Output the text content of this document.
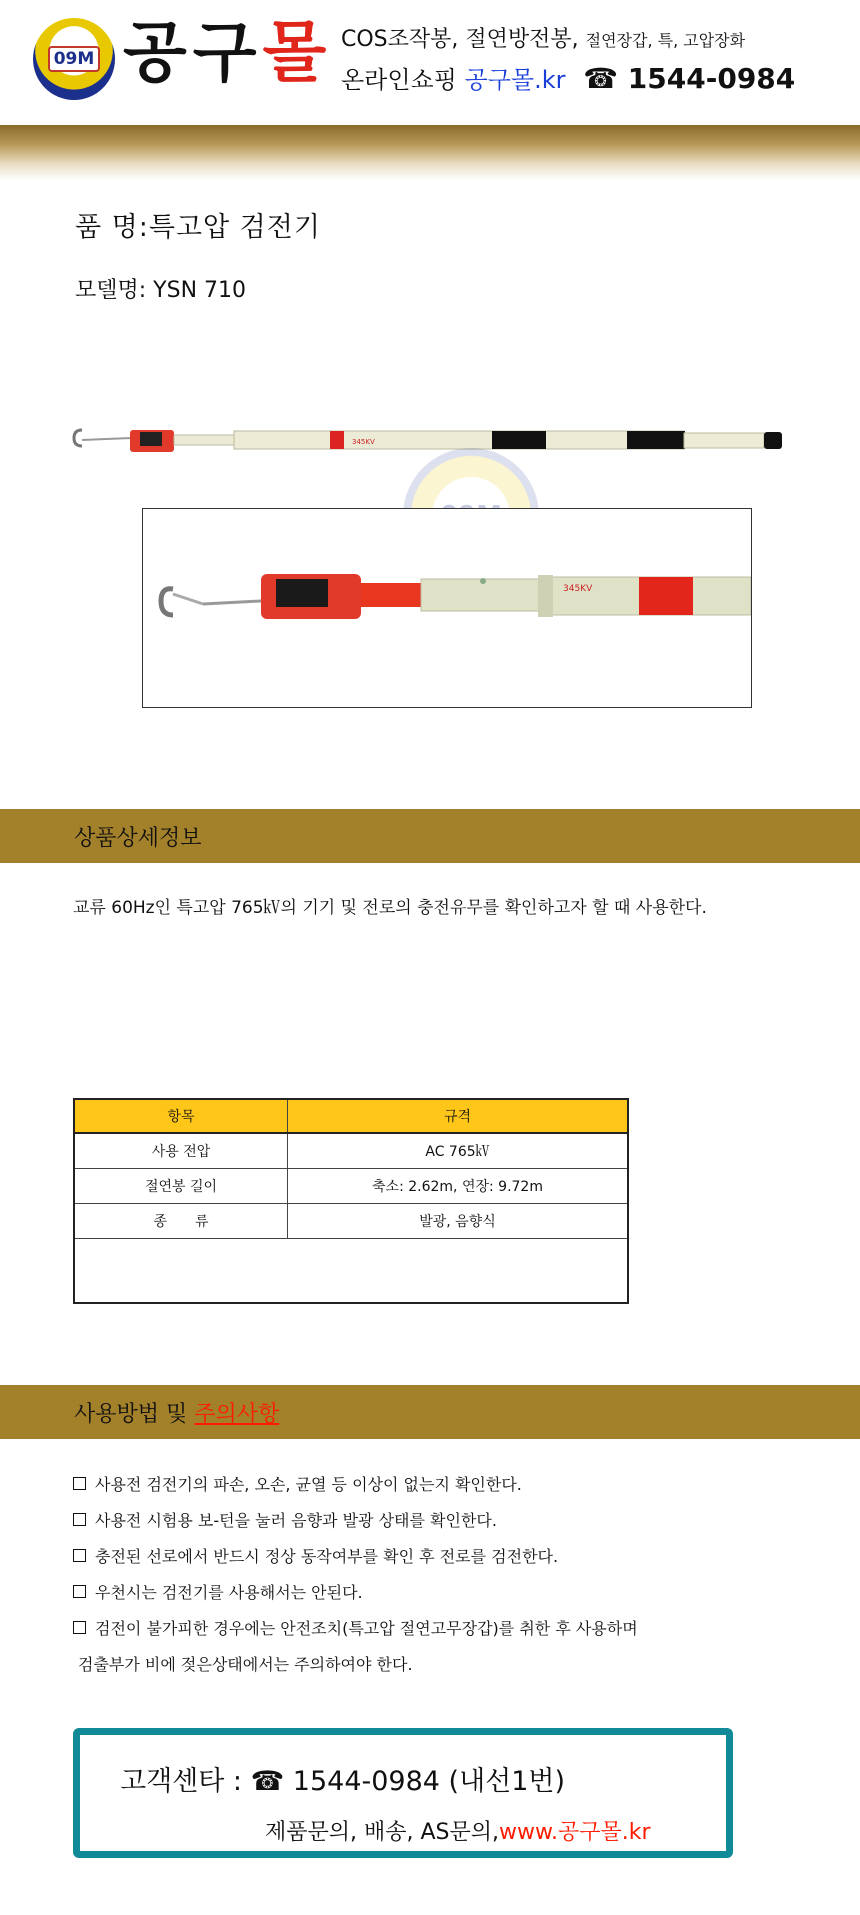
09M 공구몰 COS조작봉, 절연방전봉, 절연장갑, 특, 고압장화
온라인쇼핑 공구몰.kr ☎ 1544-0984
품 명:특고압 검전기
모델명: YSN 710
345KV
345KV
상품상세정보
교류 60Hz인 특고압 765㎸의 기기 및 전로의 충전유무를 확인하고자 할 때 사용한다.
항목	규격
사용 전압	AC 765㎸
절연봉 길이	축소: 2.62m, 연장: 9.72m
종　　류	발광, 음향식

사용방법 및 주의사항
사용전 검전기의 파손, 오손, 균열 등 이상이 없는지 확인한다.
사용전 시험용 보-턴을 눌러 음향과 발광 상태를 확인한다.
충전된 선로에서 반드시 정상 동작여부를 확인 후 전로를 검전한다.
우천시는 검전기를 사용해서는 안된다.
검전이 불가피한 경우에는 안전조치(특고압 절연고무장갑)를 취한 후 사용하며
검출부가 비에 젖은상태에서는 주의하여야 한다.
고객센타 : ☎ 1544-0984 (내선1번)
제품문의, 배송, AS문의,www.공구몰.kr
